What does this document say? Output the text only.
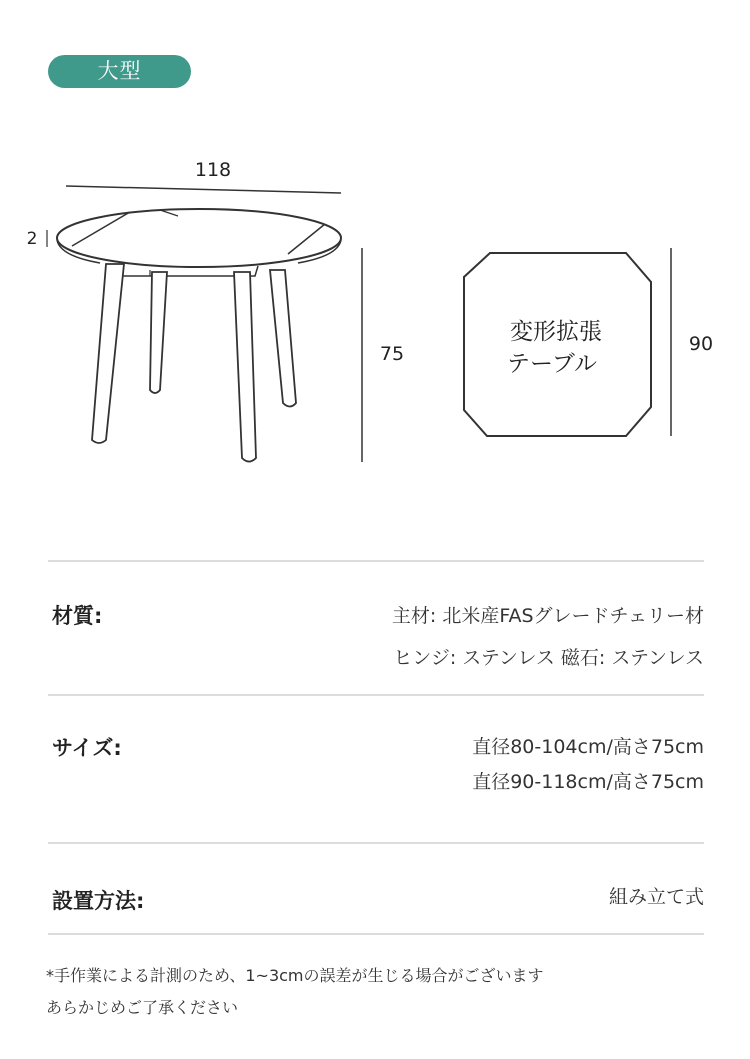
大型
118
2
75
変形拡張
テーブル
90
材質:	主材: 北米産FASグレードチェリー材
ヒンジ: ステンレス 磁石: ステンレス
サイズ:	直径80-104cm/高さ75cm
直径90-118cm/高さ75cm
設置方法:	組み立て式
*手作業による計測のため、1~3cmの誤差が生じる場合がございます
あらかじめご了承ください
